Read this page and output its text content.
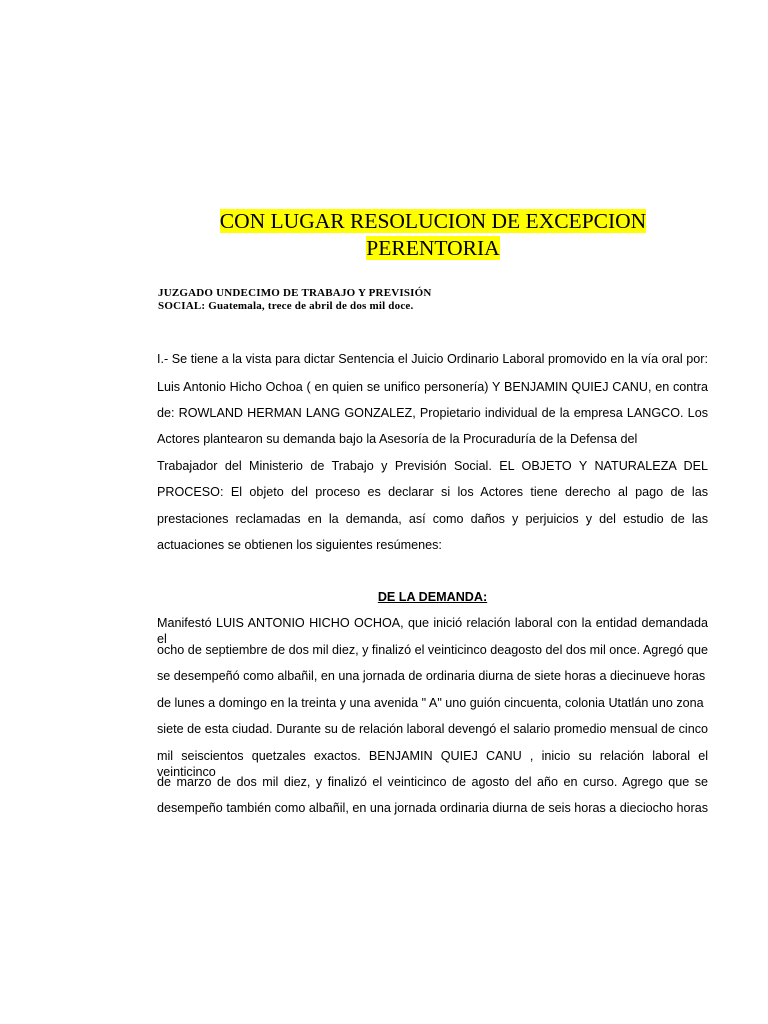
CON LUGAR RESOLUCION DE EXCEPCION
PERENTORIA
JUZGADO UNDECIMO DE TRABAJO Y PREVISIÓN
SOCIAL: Guatemala, trece de abril de dos mil doce.
I.- Se tiene a la vista para dictar Sentencia el Juicio Ordinario Laboral promovido en la vía oral por:
Luis Antonio Hicho Ochoa ( en quien se unifico personería) Y BENJAMIN QUIEJ CANU, en contra
de: ROWLAND HERMAN LANG GONZALEZ, Propietario individual de la empresa LANGCO. Los
Actores plantearon su demanda bajo la Asesoría de la Procuraduría de la Defensa del
Trabajador del Ministerio de Trabajo y Previsión Social. EL OBJETO Y NATURALEZA DEL
PROCESO: El objeto del proceso es declarar si los Actores tiene derecho al pago de las
prestaciones reclamadas en la demanda, así como daños y perjuicios y del estudio de las
actuaciones se obtienen los siguientes resúmenes:
DE LA DEMANDA:
Manifestó LUIS ANTONIO HICHO OCHOA, que inició relación laboral con la entidad demandada el
ocho de septiembre de dos mil diez, y finalizó el veinticinco deagosto del dos mil once. Agregó que
se desempeñó como albañil, en una jornada de ordinaria diurna de siete horas a diecinueve horas
de lunes a domingo en la treinta y una avenida " A" uno guión cincuenta, colonia Utatlán uno zona
siete de esta ciudad. Durante su de relación laboral devengó el salario promedio mensual de cinco
mil seiscientos quetzales exactos. BENJAMIN QUIEJ CANU , inicio su relación laboral el veinticinco
de marzo de dos mil diez, y finalizó el veinticinco de agosto del año en curso. Agrego que se
desempeño también como albañil, en una jornada ordinaria diurna de seis horas a dieciocho horas
